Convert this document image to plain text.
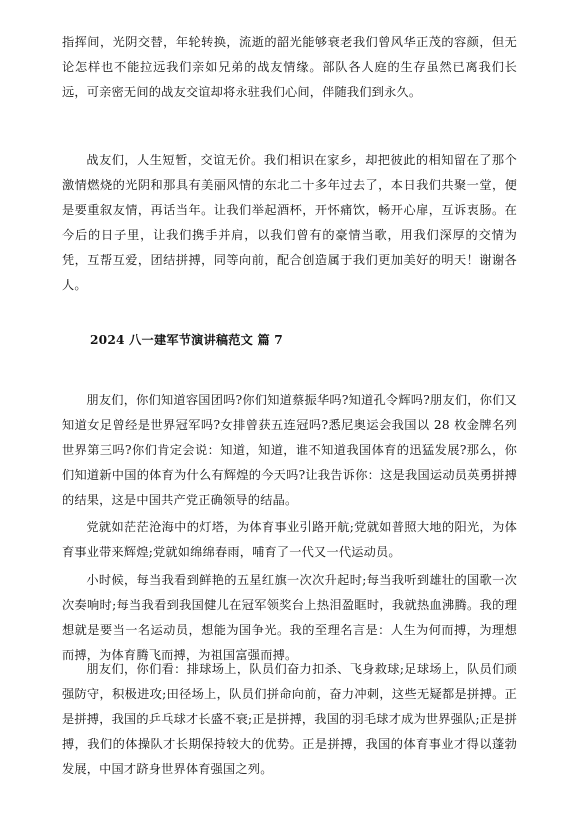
指挥间，光阴交替，年轮转换，流逝的韶光能够衰老我们曾风华正茂的容颜，但无论怎样也不能拉远我们亲如兄弟的战友情缘。部队各人庭的生存虽然已离我们长远，可亲密无间的战友交谊却将永驻我们心间，伴随我们到永久。

战友们，人生短暂，交谊无价。我们相识在家乡，却把彼此的相知留在了那个激情燃烧的光阴和那具有美丽风情的东北二十多年过去了，本日我们共聚一堂，便是要重叙友情，再话当年。让我们举起酒杯，开怀痛饮，畅开心扉，互诉衷肠。在今后的日子里，让我们携手并肩，以我们曾有的豪情当歌，用我们深厚的交情为凭，互帮互爱，团结拼搏，同等向前，配合创造属于我们更加美好的明天！谢谢各人。

2024 八一建军节演讲稿范文 篇 7

朋友们，你们知道容国团吗?你们知道蔡振华吗?知道孔令辉吗?朋友们，你们又知道女足曾经是世界冠军吗?女排曾获五连冠吗?悉尼奥运会我国以 28 枚金牌名列世界第三吗?你们肯定会说：知道，知道，谁不知道我国体育的迅猛发展?那么，你们知道新中国的体育为什么有辉煌的今天吗?让我告诉你：这是我国运动员英勇拼搏的结果，这是中国共产党正确领导的结晶。

党就如茫茫沧海中的灯塔，为体育事业引路开航;党就如普照大地的阳光，为体育事业带来辉煌;党就如绵绵春雨，哺育了一代又一代运动员。

小时候，每当我看到鲜艳的五星红旗一次次升起时;每当我听到雄壮的国歌一次次奏响时;每当我看到我国健儿在冠军领奖台上热泪盈眶时，我就热血沸腾。我的理想就是要当一名运动员，想能为国争光。我的至理名言是：人生为何而搏，为理想而搏，为体育腾飞而搏，为祖国富强而搏。

朋友们，你们看：排球场上，队员们奋力扣杀、飞身救球;足球场上，队员们顽强防守，积极进攻;田径场上，队员们拼命向前，奋力冲刺，这些无疑都是拼搏。正是拼搏，我国的乒乓球才长盛不衰;正是拼搏，我国的羽毛球才成为世界强队;正是拼搏，我们的体操队才长期保持较大的优势。正是拼搏，我国的体育事业才得以蓬勃发展，中国才跻身世界体育强国之列。
